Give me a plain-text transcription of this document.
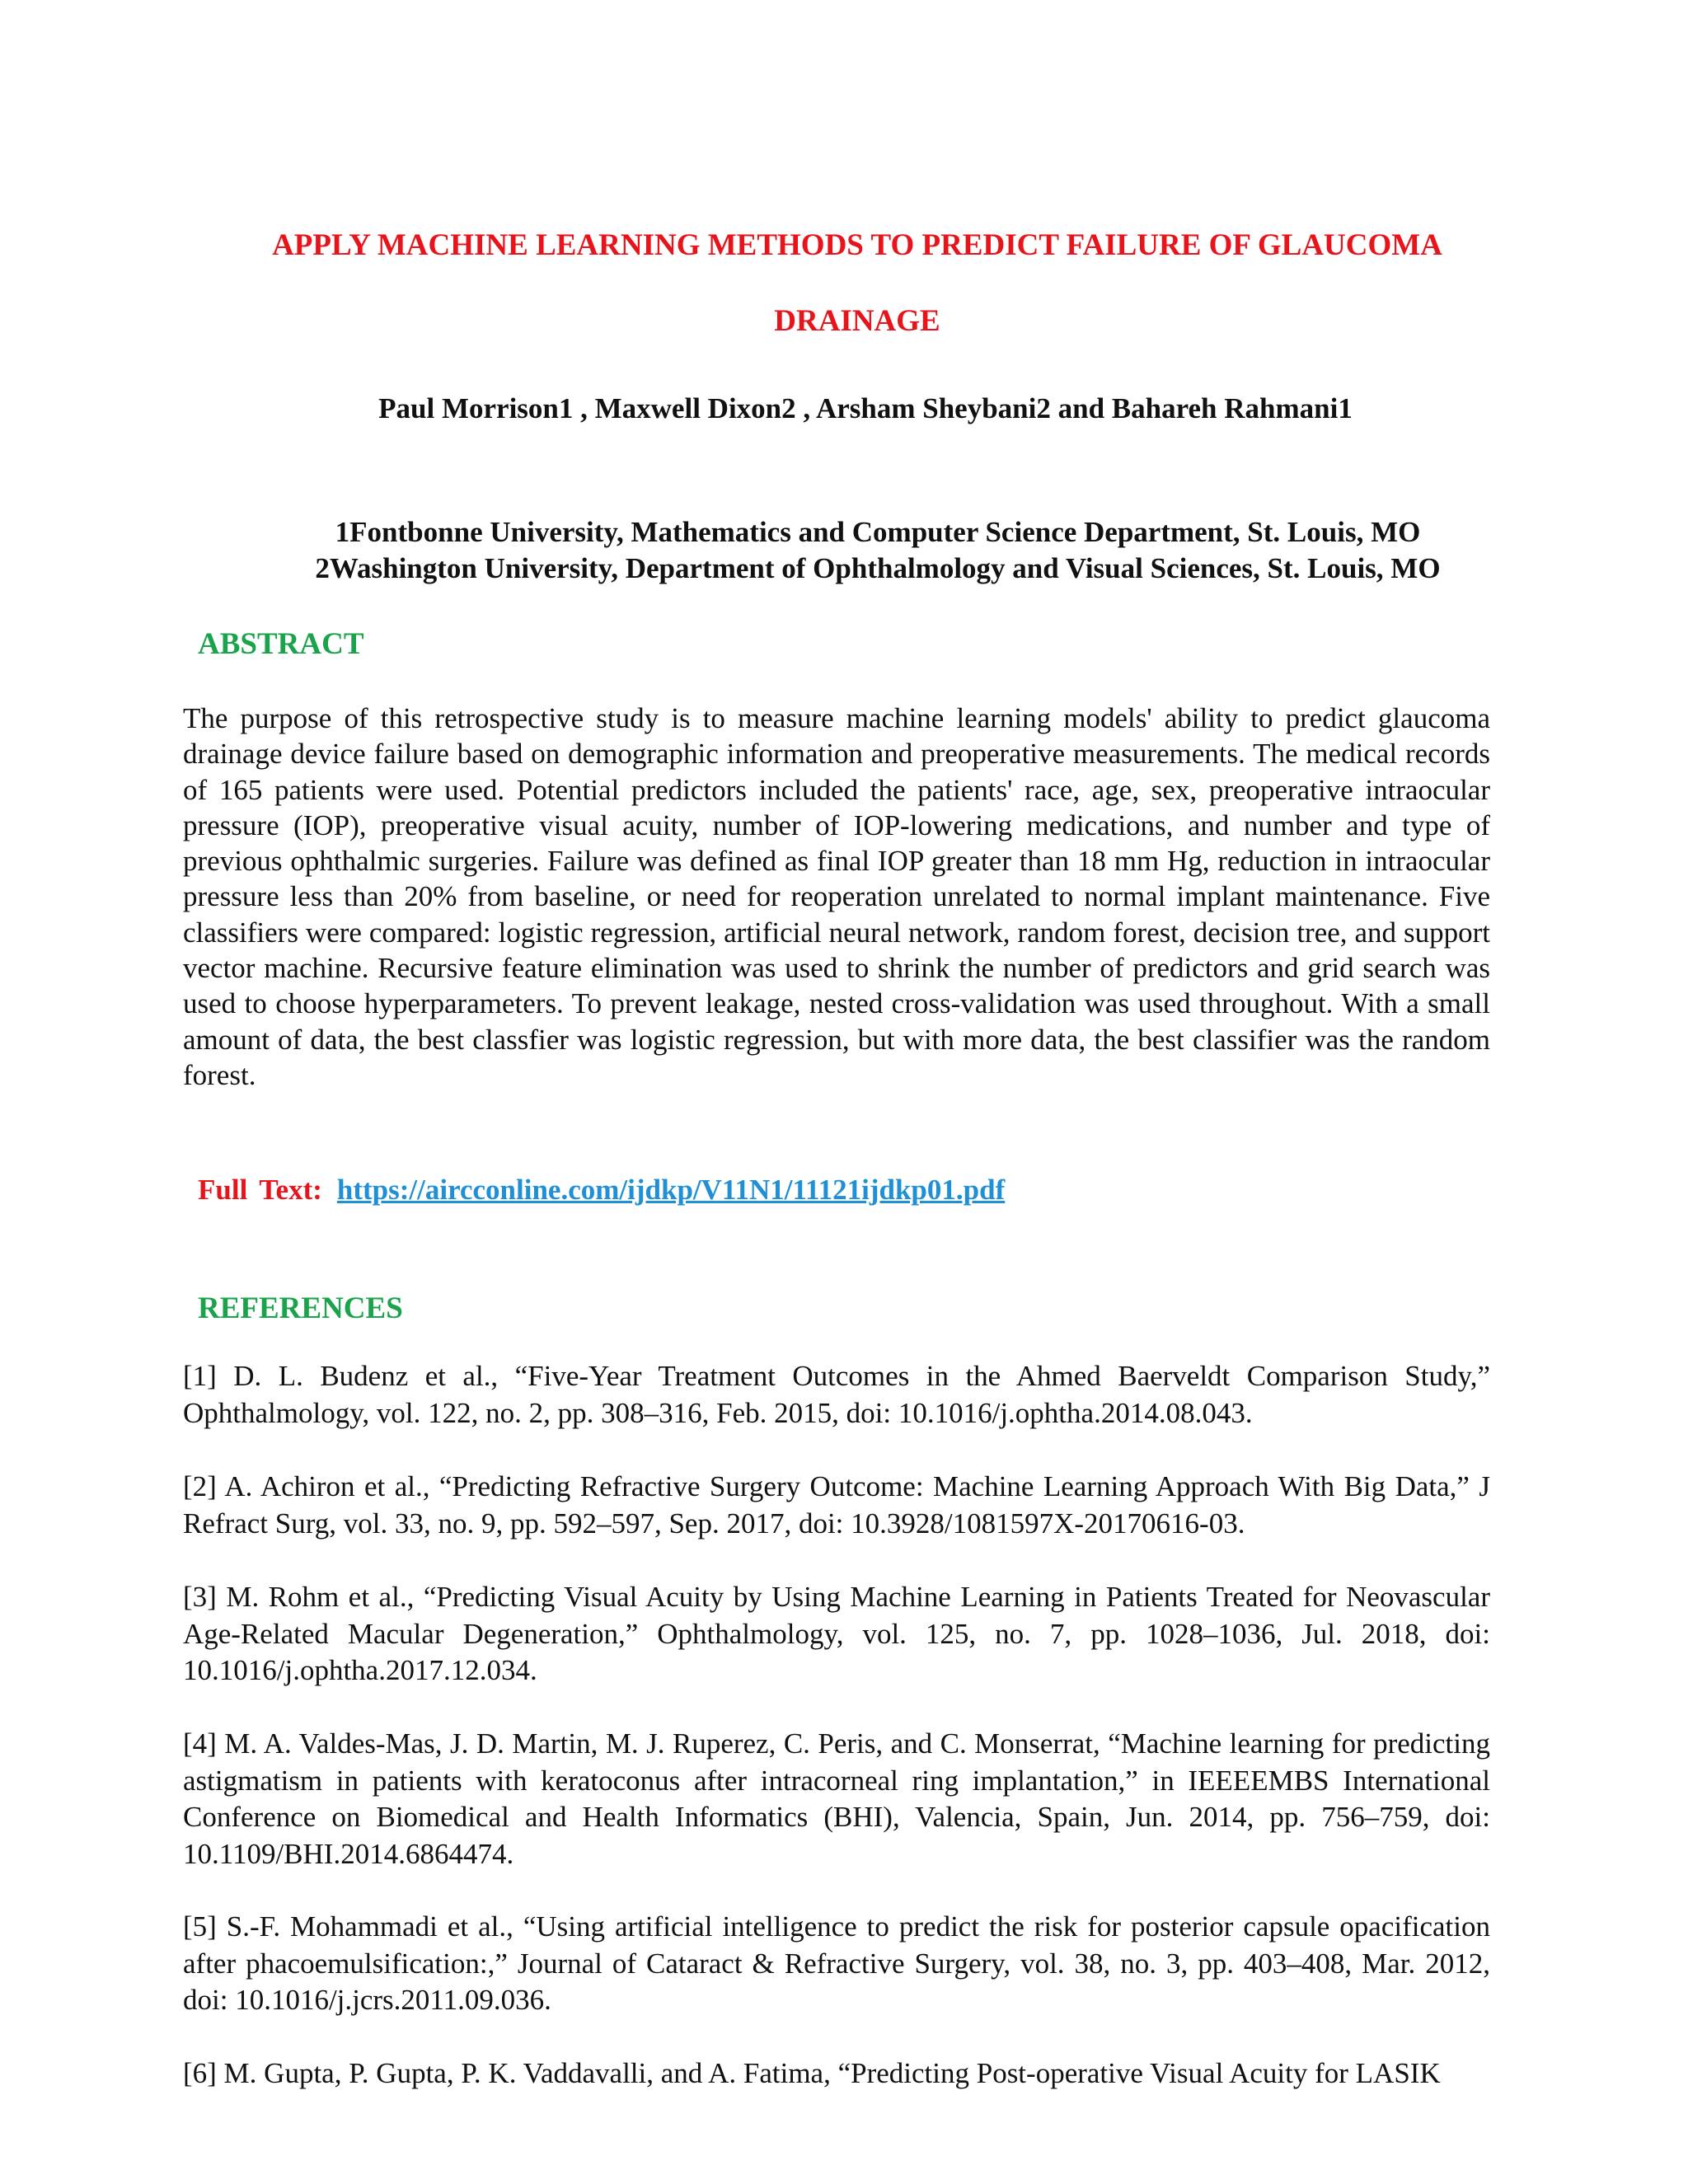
APPLY MACHINE LEARNING METHODS TO PREDICT FAILURE OF GLAUCOMA
DRAINAGE

Paul Morrison1 , Maxwell Dixon2 , Arsham Sheybani2 and Bahareh Rahmani1

1Fontbonne University, Mathematics and Computer Science Department, St. Louis, MO

2Washington University, Department of Ophthalmology and Visual Sciences, St. Louis, MO

ABSTRACT

The purpose of this retrospective study is to measure machine learning models' ability to predict glaucoma drainage device failure based on demographic information and preoperative measurements. The medical records of 165 patients were used. Potential predictors included the patients' race, age, sex, preoperative intraocular pressure (IOP), preoperative visual acuity, number of IOP-lowering medications, and number and type of previous ophthalmic surgeries. Failure was defined as final IOP greater than 18 mm Hg, reduction in intraocular pressure less than 20% from baseline, or need for reoperation unrelated to normal implant maintenance. Five classifiers were compared: logistic regression, artificial neural network, random forest, decision tree, and support vector machine. Recursive feature elimination was used to shrink the number of predictors and grid search was used to choose hyperparameters. To prevent leakage, nested cross-validation was used throughout. With a small amount of data, the best classfier was logistic regression, but with more data, the best classifier was the random forest.

Full Text: https://aircconline.com/ijdkp/V11N1/11121ijdkp01.pdf

REFERENCES

[1] D. L. Budenz et al., “Five-Year Treatment Outcomes in the Ahmed Baerveldt Comparison Study,” Ophthalmology, vol. 122, no. 2, pp. 308–316, Feb. 2015, doi: 10.1016/j.ophtha.2014.08.043.

[2] A. Achiron et al., “Predicting Refractive Surgery Outcome: Machine Learning Approach With Big Data,” J Refract Surg, vol. 33, no. 9, pp. 592–597, Sep. 2017, doi: 10.3928/1081597X-20170616-03.

[3] M. Rohm et al., “Predicting Visual Acuity by Using Machine Learning in Patients Treated for Neovascular Age-Related Macular Degeneration,” Ophthalmology, vol. 125, no. 7, pp. 1028–1036, Jul. 2018, doi: 10.1016/j.ophtha.2017.12.034.

[4] M. A. Valdes-Mas, J. D. Martin, M. J. Ruperez, C. Peris, and C. Monserrat, “Machine learning for predicting astigmatism in patients with keratoconus after intracorneal ring implantation,” in IEEEEMBS International Conference on Biomedical and Health Informatics (BHI), Valencia, Spain, Jun. 2014, pp. 756–759, doi: 10.1109/BHI.2014.6864474.

[5] S.-F. Mohammadi et al., “Using artificial intelligence to predict the risk for posterior capsule opacification after phacoemulsification:,” Journal of Cataract & Refractive Surgery, vol. 38, no. 3, pp. 403–408, Mar. 2012, doi: 10.1016/j.jcrs.2011.09.036.

[6] M. Gupta, P. Gupta, P. K. Vaddavalli, and A. Fatima, “Predicting Post-operative Visual Acuity for LASIK
